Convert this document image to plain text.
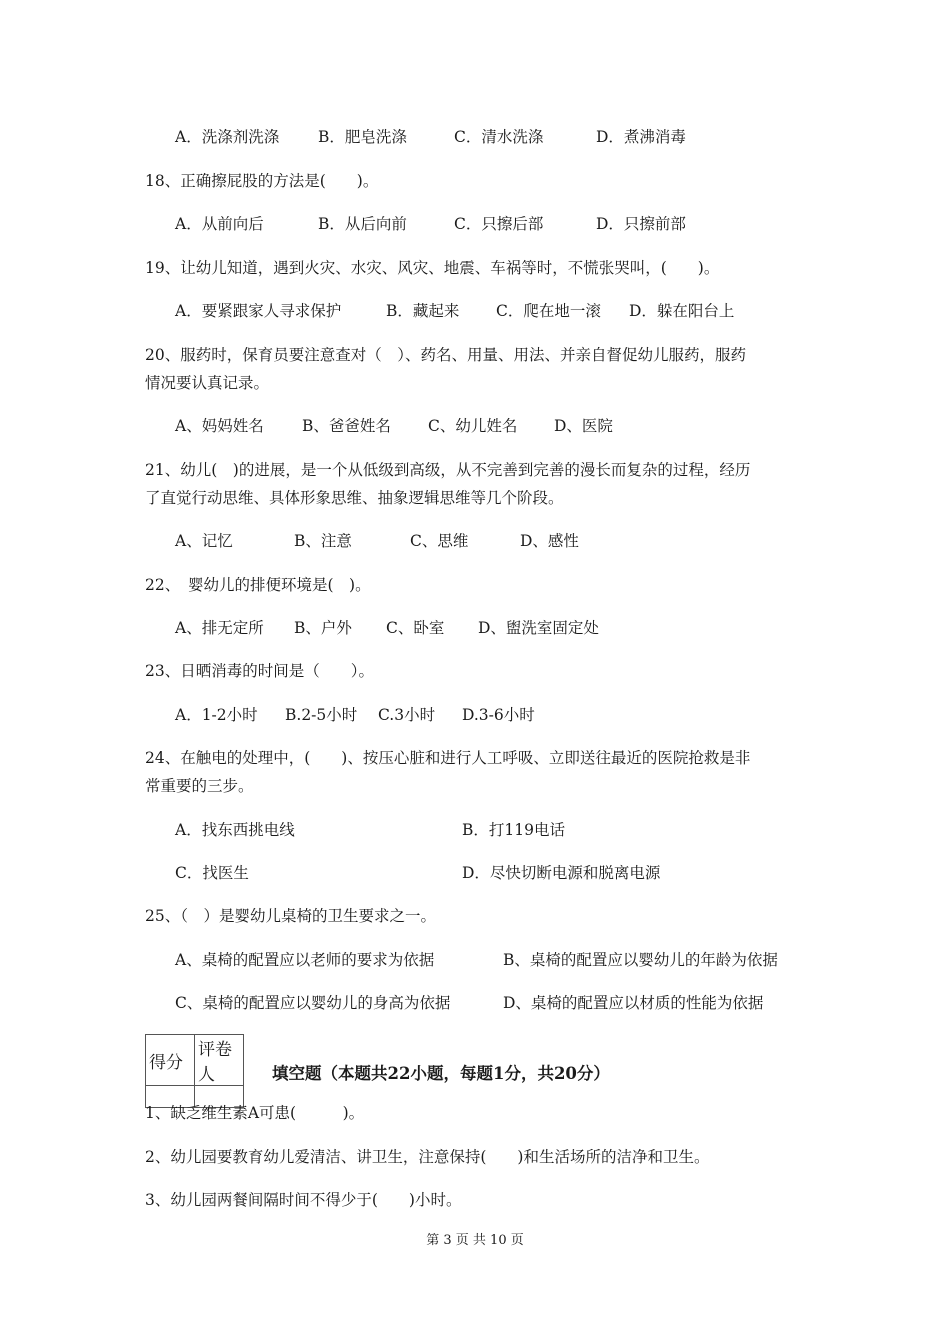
A．洗涤剂洗涤	B．肥皂洗涤	C．清水洗涤	D．煮沸消毒
18、正确擦屁股的方法是(　　)。
A．从前向后	B．从后向前	C．只擦后部	D．只擦前部
19、让幼儿知道，遇到火灾、水灾、风灾、地震、车祸等时，不慌张哭叫，(　　)。
A．要紧跟家人寻求保护	B．藏起来 C．爬在地一滚 D．躲在阳台上
20、服药时，保育员要注意查对（　）、药名、用量、用法、并亲自督促幼儿服药，服药
情况要认真记录。
A、妈妈姓名 B、爸爸姓名 C、幼儿姓名 D、医院
21、幼儿(　)的进展，是一个从低级到高级，从不完善到完善的漫长而复杂的过程，经历
了直觉行动思维、具体形象思维、抽象逻辑思维等几个阶段。
A、记忆	B、注意	C、思维	D、感性
22、　婴幼儿的排便环境是(　)。
A、排无定所 B、户外 C、卧室 D、盥洗室固定处
23、日晒消毒的时间是（　　）。
A．1-2小时 B.2-5小时 C.3小时 D.3-6小时
24、在触电的处理中，(　　)、按压心脏和进行人工呼吸、立即送往最近的医院抢救是非
常重要的三步。
A．找东西挑电线	B．打119电话
C．找医生	D．尽快切断电源和脱离电源
25、（　）是婴幼儿桌椅的卫生要求之一。
A、桌椅的配置应以老师的要求为依据	B、桌椅的配置应以婴幼儿的年龄为依据
C、桌椅的配置应以婴幼儿的身高为依据	D、桌椅的配置应以材质的性能为依据
得分	评卷人
		填空题（本题共22小题，每题1分，共20分）
1、缺乏维生素A可患(　　　)。
2、幼儿园要教育幼儿爱清洁、讲卫生，注意保持(　　)和生活场所的洁净和卫生。
3、幼儿园两餐间隔时间不得少于(　　)小时。
第 3 页 共 10 页
